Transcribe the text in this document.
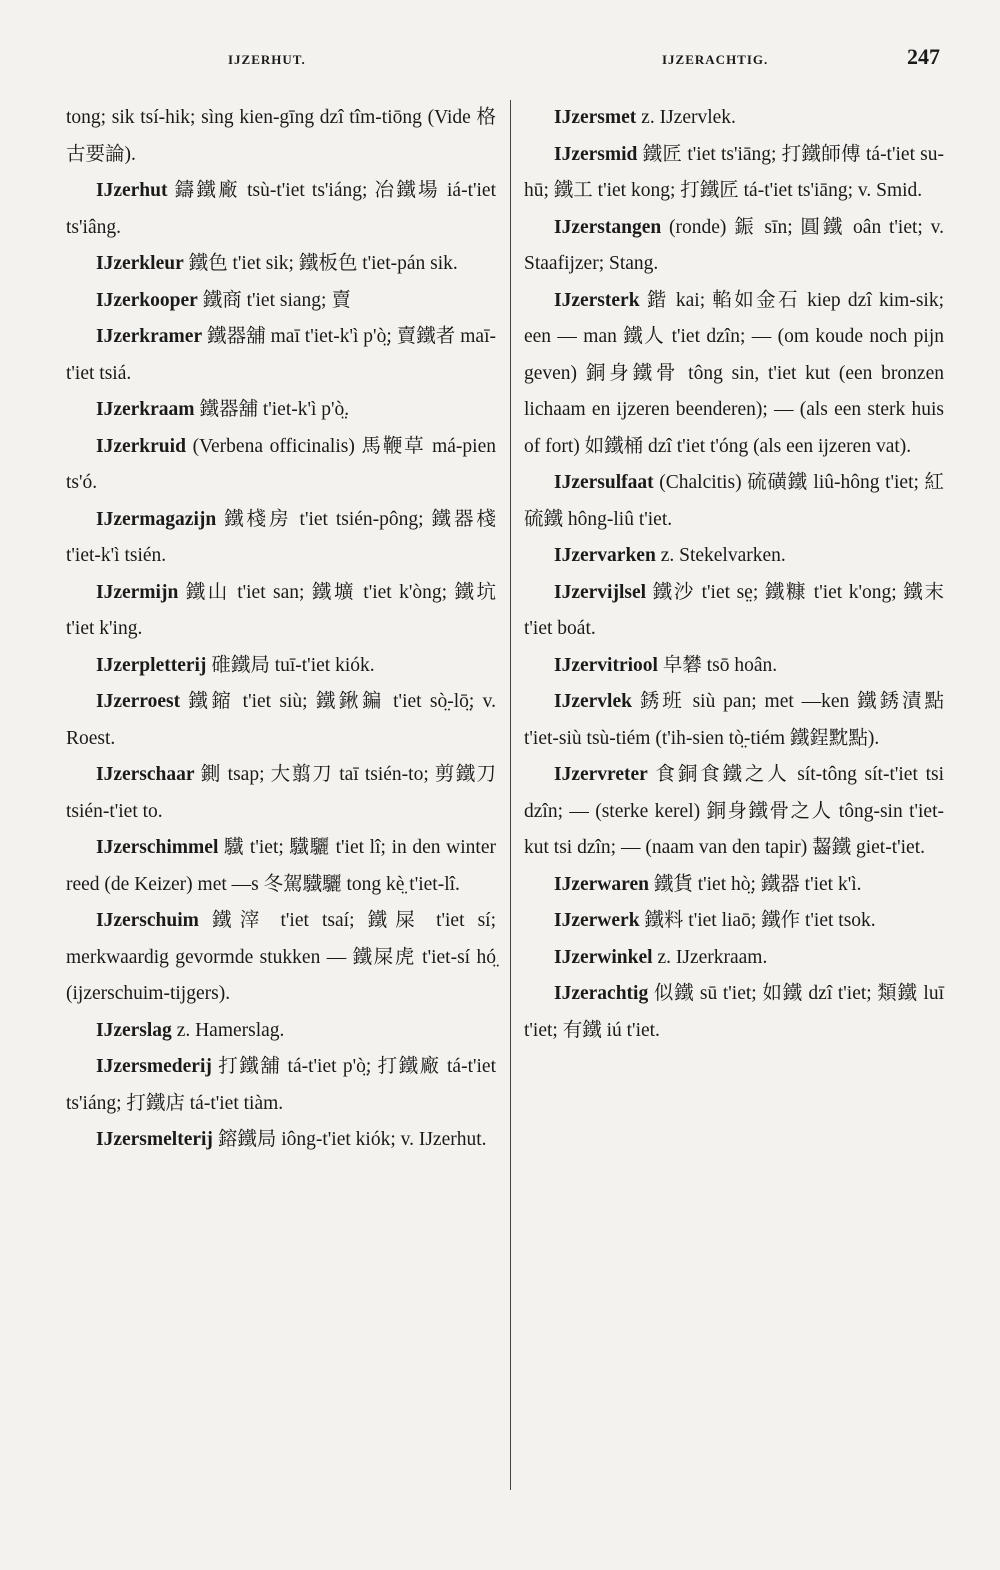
IJZERHUT.	IJZERACHTIG.	247

tong; sik tsí-hik; sìng kien-gīng dzî tîm-tiōng (Vide 格古要論).

IJzerhut 鑄鐵廠 tsù-t'iet ts'iáng; 冶鐵場 iá-t'iet ts'iâng.

IJzerkleur 鐵色 t'iet sik; 鐵板色 t'iet-pán sik.

IJzerkooper 鐵商 t'iet siang; 賣

IJzerkramer 鐵器舖 maī t'iet-k'ì p'ò̤; 賣鐵者 maī-t'iet tsiá.

IJzerkraam 鐵器舖 t'iet-k'ì p'ò̤.

IJzerkruid (Verbena officinalis) 馬鞭草 má-pien ts'ó.

IJzermagazijn 鐵棧房 t'iet tsién-pông; 鐵器棧 t'iet-k'ì tsién.

IJzermijn 鐵山 t'iet san; 鐵壙 t'iet k'òng; 鐵坑 t'iet k'ing.

IJzerpletterij 碓鐵局 tuī-t'iet kiók.

IJzerroest 鐵鏥 t'iet siù; 鐵鍬鍽 t'iet sò̤-lō̤; v. Roest.

IJzerschaar 鍘 tsap; 大翦刀 taī tsién-to; 剪鐵刀 tsién-t'iet to.

IJzerschimmel 驖 t'iet; 驖驪 t'iet lî; in den winter reed (de Keizer) met —s 冬駕驖驪 tong kè̤ t'iet-lî.

IJzerschuim 鐵滓 t'iet tsaí; 鐵屎 t'iet sí; merkwaardig gevormde stukken — 鐵屎虎 t'iet-sí hó̤ (ijzerschuim-tijgers).

IJzerslag z. Hamerslag.

IJzersmederij 打鐵舖 tá-t'iet p'ò̤; 打鐵廠 tá-t'iet ts'iáng; 打鐵店 tá-t'iet tiàm.

IJzersmelterij 鎔鐵局 iông-t'iet kiók; v. IJzerhut.

IJzersmet z. IJzervlek.

IJzersmid 鐵匠 t'iet ts'iāng; 打鐵師傅 tá-t'iet su-hū; 鐵工 t'iet kong; 打鐵匠 tá-t'iet ts'iāng; v. Smid.

IJzerstangen (ronde) 鋠 sīn; 圓鐵 oân t'iet; v. Staafijzer; Stang.

IJzersterk 鍇 kai; 輡如金石 kiep dzî kim-sik; een — man 鐵人 t'iet dzîn; — (om koude noch pijn geven) 銅身鐵骨 tông sin, t'iet kut (een bronzen lichaam en ijzeren beenderen); — (als een sterk huis of fort) 如鐵桶 dzî t'iet t'óng (als een ijzeren vat).

IJzersulfaat (Chalcitis) 硫磺鐵 liû-hông t'iet; 紅硫鐵 hông-liû t'iet.

IJzervarken z. Stekelvarken.

IJzervijlsel 鐵沙 t'iet se̤; 鐵糠 t'iet k'ong; 鐵末 t'iet boát.

IJzervitriool 皁礬 tsō hoân.

IJzervlek 銹班 siù pan; met —ken 鐵銹漬點 t'iet-siù tsù-tiém (t'ih-sien tò̤-tiém 鐵鋥黕點).

IJzervreter 食銅食鐵之人 sít-tông sít-t'iet tsi dzîn; — (sterke kerel) 銅身鐵骨之人 tông-sin t'iet-kut tsi dzîn; — (naam van den tapir) 齧鐵 giet-t'iet.

IJzerwaren 鐵貨 t'iet hò̤; 鐵器 t'iet k'ì.

IJzerwerk 鐵料 t'iet liaō; 鐵作 t'iet tsok.

IJzerwinkel z. IJzerkraam.

IJzerachtig 似鐵 sū t'iet; 如鐵 dzî t'iet; 類鐵 luī t'iet; 有鐵 iú t'iet.
